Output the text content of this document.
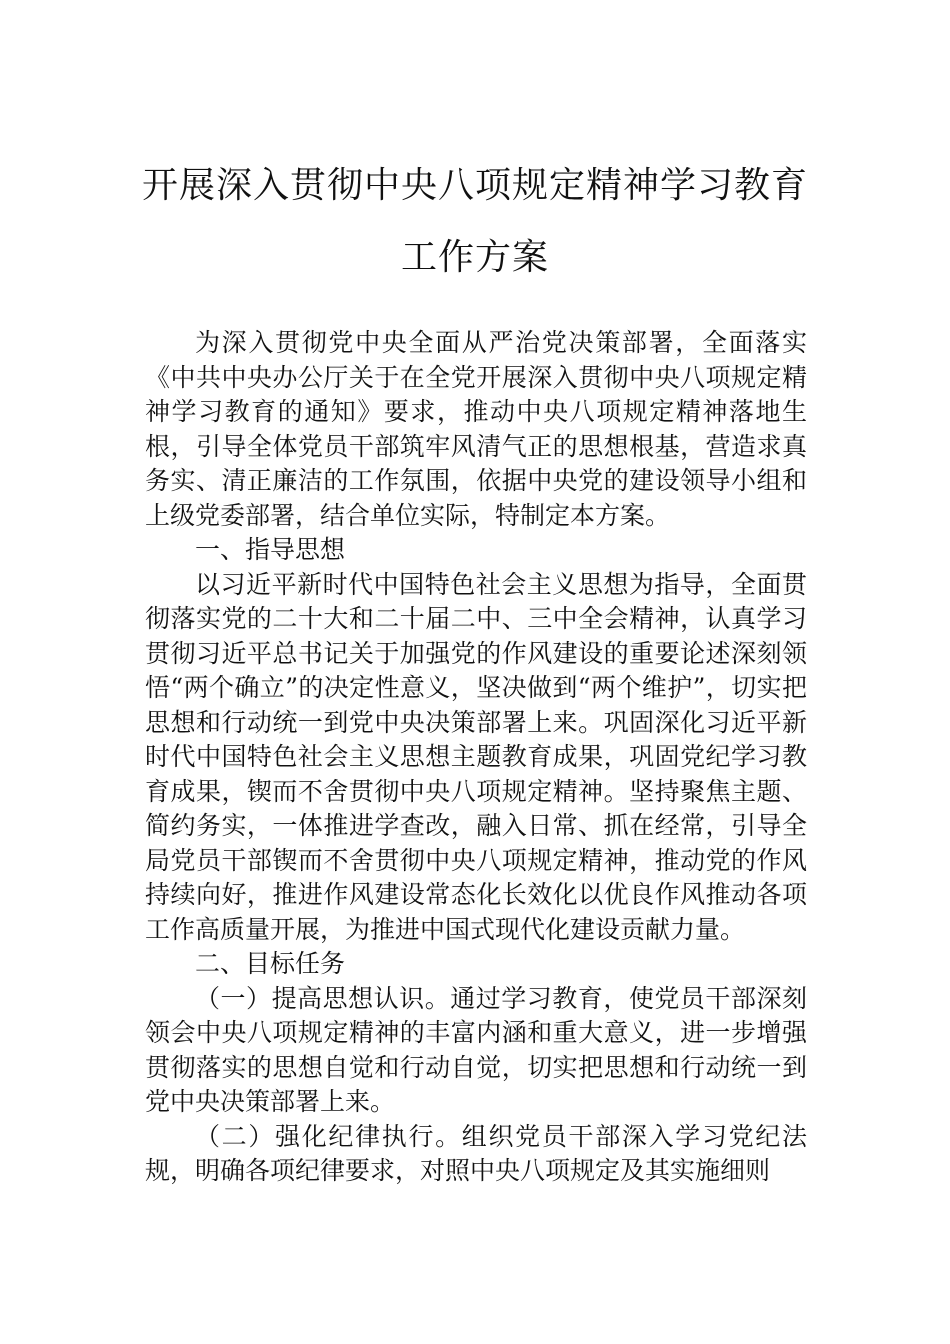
开展深入贯彻中央八项规定精神学习教育
工作方案

为深入贯彻党中央全面从严治党决策部署，全面落实《中共中央办公厅关于在全党开展深入贯彻中央八项规定精神学习教育的通知》要求，推动中央八项规定精神落地生根，引导全体党员干部筑牢风清气正的思想根基，营造求真务实、清正廉洁的工作氛围，依据中央党的建设领导小组和上级党委部署，结合单位实际，特制定本方案。

一、指导思想

以习近平新时代中国特色社会主义思想为指导，全面贯彻落实党的二十大和二十届二中、三中全会精神，认真学习贯彻习近平总书记关于加强党的作风建设的重要论述深刻领悟“两个确立”的决定性意义，坚决做到“两个维护”，切实把思想和行动统一到党中央决策部署上来。巩固深化习近平新时代中国特色社会主义思想主题教育成果，巩固党纪学习教育成果，锲而不舍贯彻中央八项规定精神。坚持聚焦主题、简约务实，一体推进学查改，融入日常、抓在经常，引导全局党员干部锲而不舍贯彻中央八项规定精神，推动党的作风持续向好，推进作风建设常态化长效化以优良作风推动各项工作高质量开展，为推进中国式现代化建设贡献力量。

二、目标任务

（一）提高思想认识。通过学习教育，使党员干部深刻领会中央八项规定精神的丰富内涵和重大意义，进一步增强贯彻落实的思想自觉和行动自觉，切实把思想和行动统一到党中央决策部署上来。

（二）强化纪律执行。组织党员干部深入学习党纪法规，明确各项纪律要求，对照中央八项规定及其实施细则
